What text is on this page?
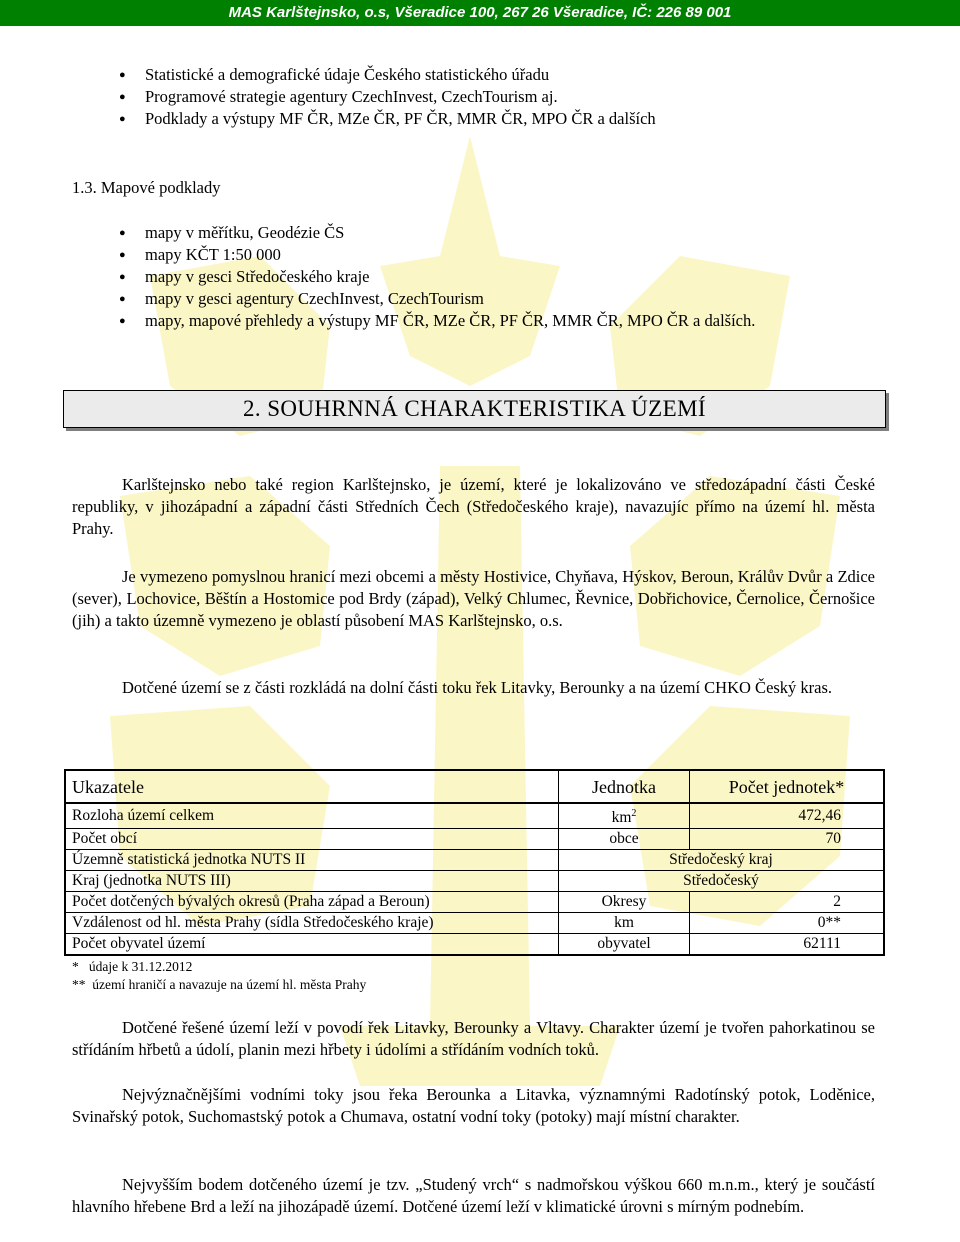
MAS Karlštejnsko, o.s, Všeradice 100, 267 26 Všeradice, IČ: 226 89 001
● Statistické a demografické údaje Českého statistického úřadu
● Programové strategie agentury CzechInvest, CzechTourism aj.
● Podklady a výstupy MF ČR, MZe ČR, PF ČR, MMR ČR, MPO ČR a dalších
1.3. Mapové podklady
● mapy v měřítku, Geodézie ČS
● mapy KČT 1:50 000
● mapy v gesci Středočeského kraje
● mapy v gesci agentury CzechInvest, CzechTourism
● mapy, mapové přehledy a výstupy MF ČR, MZe ČR, PF ČR, MMR ČR, MPO ČR a dalších.
2. SOUHRNNÁ CHARAKTERISTIKA ÚZEMÍ

Karlštejnsko nebo také region Karlštejnsko, je území, které je lokalizováno ve středozápadní části České republiky, v jihozápadní a západní části Středních Čech (Středočeského kraje), navazujíc přímo na území hl. města Prahy.

Je vymezeno pomyslnou hranicí mezi obcemi a městy Hostivice, Chyňava, Hýskov, Beroun, Králův Dvůr a Zdice (sever), Lochovice, Běštín a Hostomice pod Brdy (západ), Velký Chlumec, Řevnice, Dobřichovice, Černolice, Černošice (jih) a takto územně vymezeno je oblastí působení MAS Karlštejnsko, o.s.

Dotčené území se z části rozkládá na dolní části toku řek Litavky, Berounky a na území CHKO Český kras.

Ukazatele	Jednotka	Počet jednotek*
Rozloha území celkem	$km^2$	472,46
Počet obcí	obce	70
Územně statistická jednotka NUTS II	Středočeský kraj	
Kraj (jednotka NUTS III)	Středočeský	
Počet dotčených bývalých okresů (Praha západ a Beroun)	Okresy	2
Vzdálenost od hl. města Prahy (sídla Středočeského kraje)	km	0**
Počet obyvatel území	obyvatel	62111
*   údaje k 31.12.2012
**  území hraničí a navazuje na území hl. města Prahy

Dotčené řešené území leží v povodí řek Litavky, Berounky a Vltavy. Charakter území je tvořen pahorkatinou se střídáním hřbetů a údolí, planin mezi hřbety i údolími a střídáním vodních toků.

Nejvýznačnějšími vodními toky jsou řeka Berounka a Litavka, významnými Radotínský potok, Loděnice, Svinařský potok, Suchomastský potok a Chumava, ostatní vodní toky (potoky) mají místní charakter.

Nejvyšším bodem dotčeného území je tzv. „Studený vrch“ s nadmořskou výškou 660 m.n.m., který je součástí hlavního hřebene Brd a leží na jihozápadě území. Dotčené území leží v klimatické úrovni s mírným podnebím.
